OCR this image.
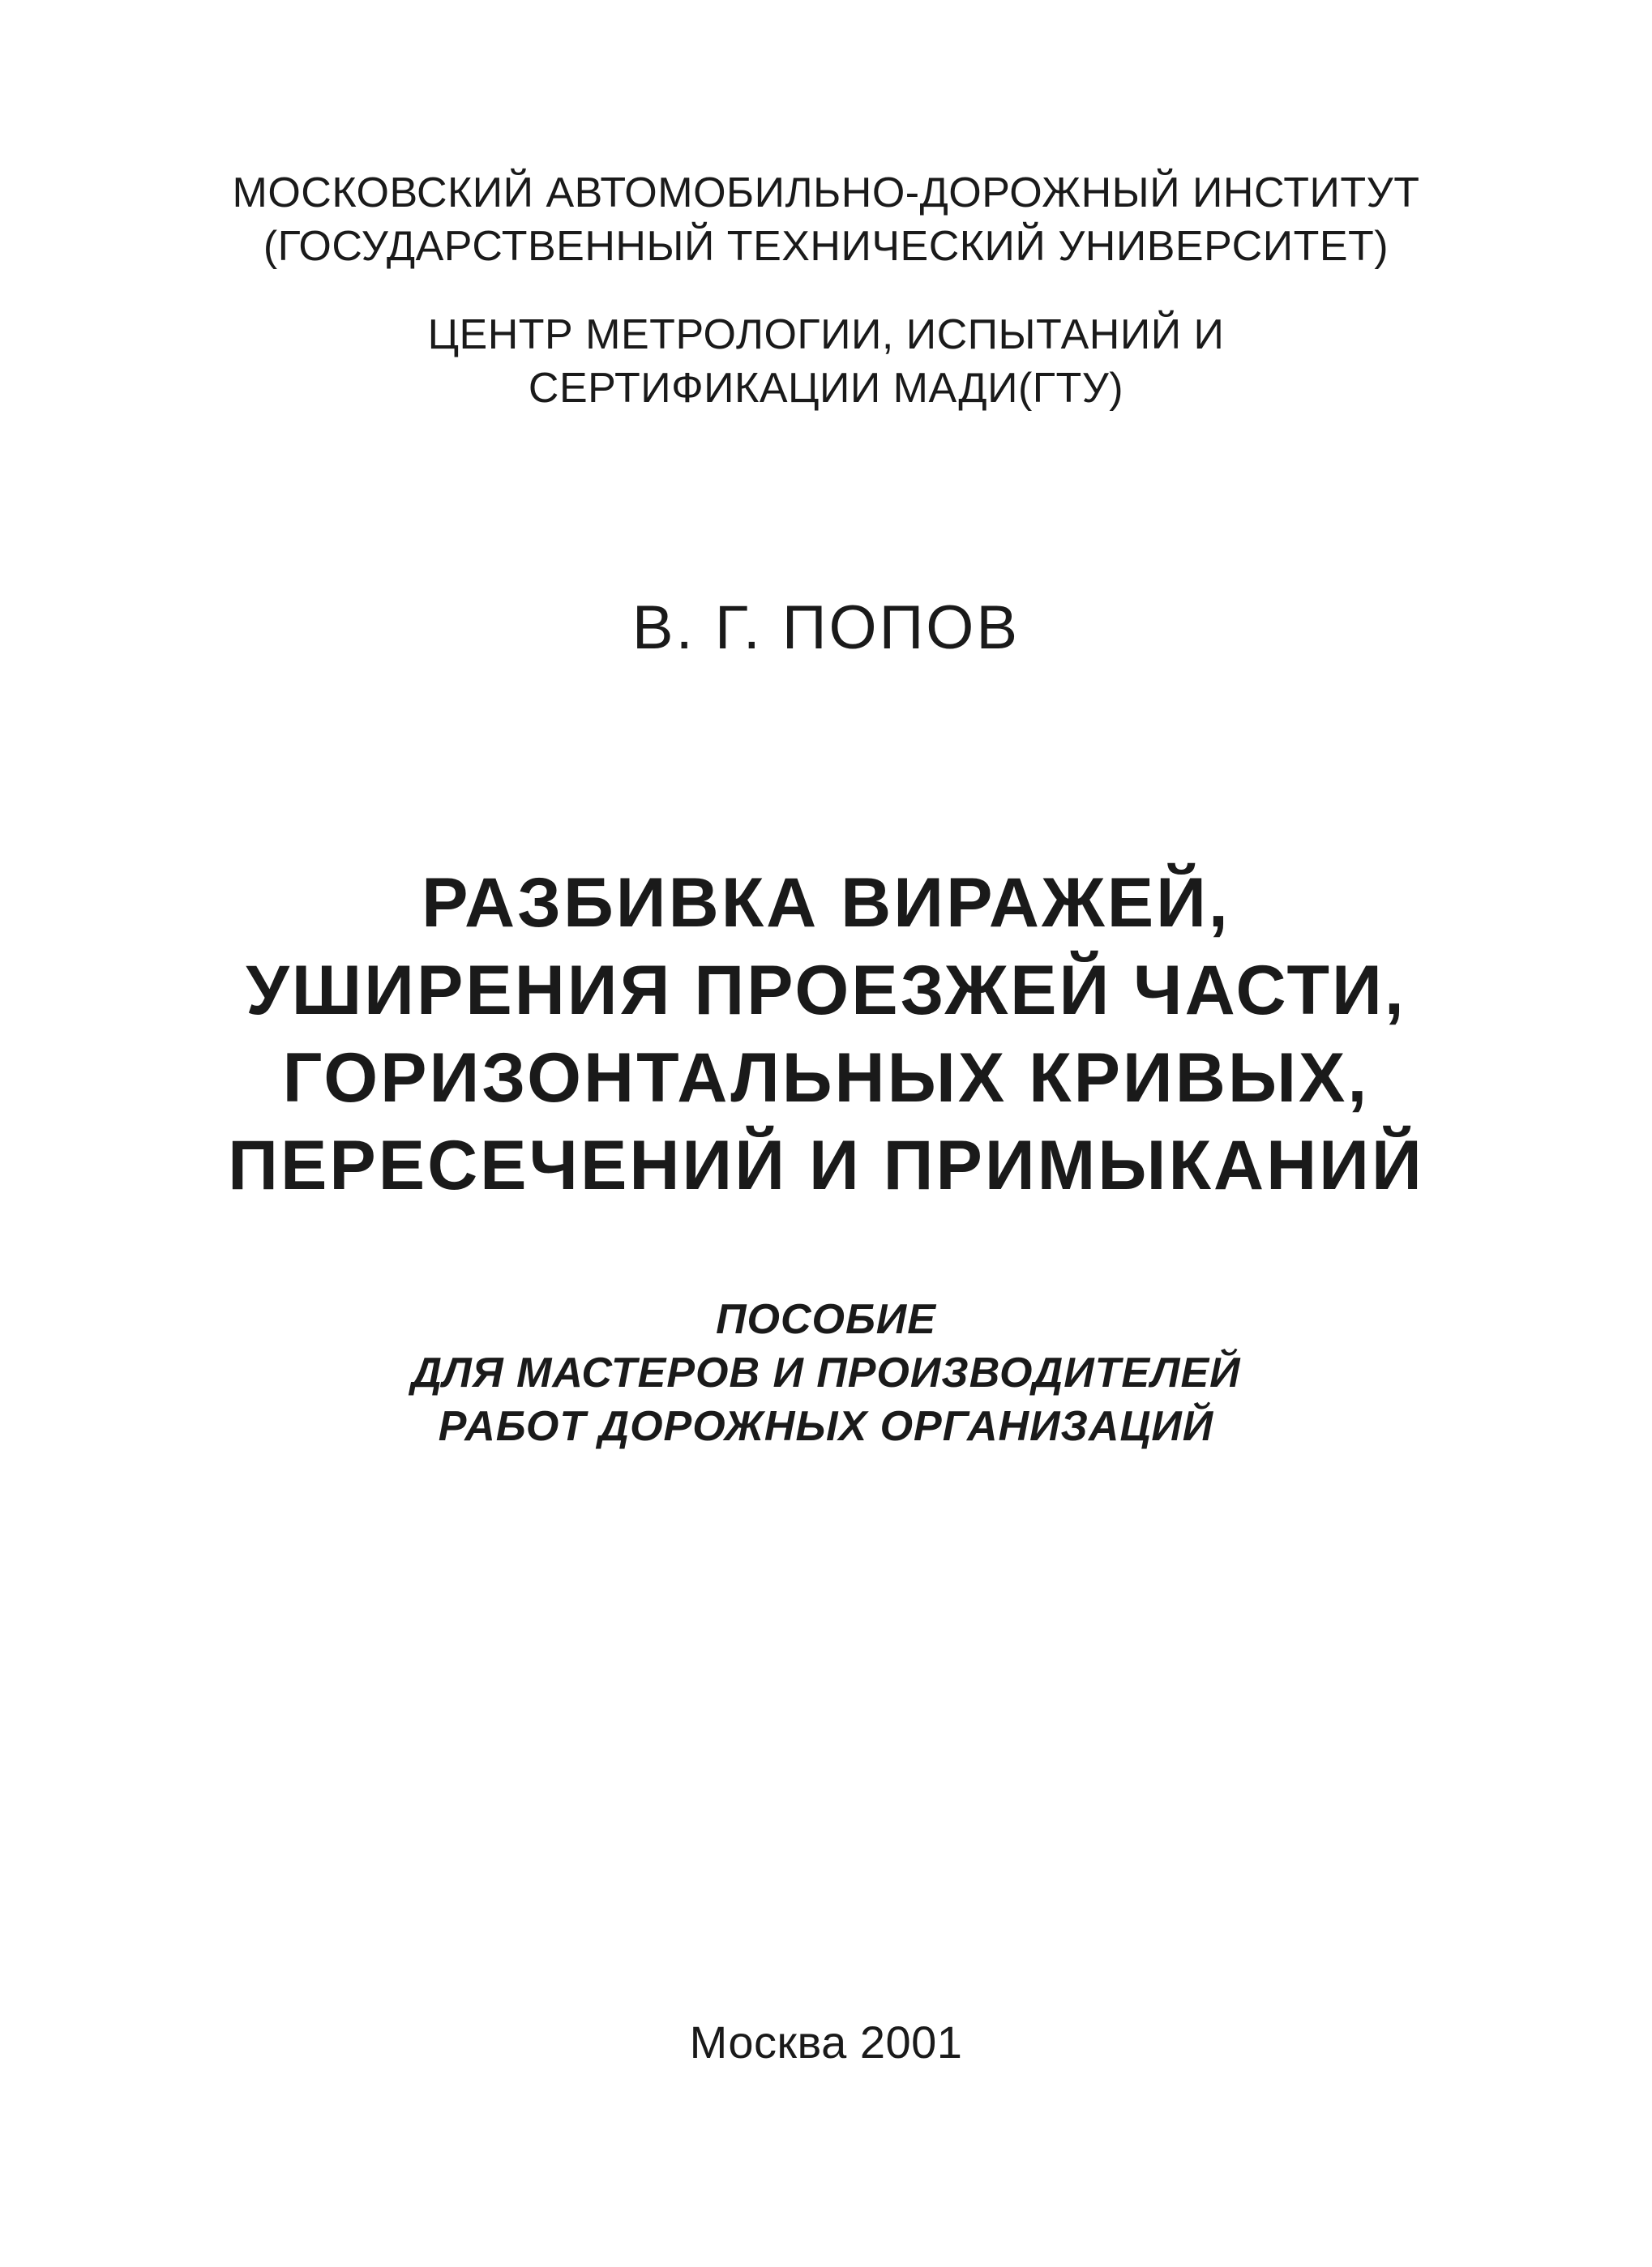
МОСКОВСКИЙ АВТОМОБИЛЬНО-ДОРОЖНЫЙ ИНСТИТУТ
(ГОСУДАРСТВЕННЫЙ ТЕХНИЧЕСКИЙ УНИВЕРСИТЕТ)
ЦЕНТР МЕТРОЛОГИИ, ИСПЫТАНИЙ И
СЕРТИФИКАЦИИ МАДИ(ГТУ)
В. Г. ПОПОВ
РАЗБИВКА ВИРАЖЕЙ,
УШИРЕНИЯ ПРОЕЗЖЕЙ ЧАСТИ,
ГОРИЗОНТАЛЬНЫХ КРИВЫХ,
ПЕРЕСЕЧЕНИЙ И ПРИМЫКАНИЙ
ПОСОБИЕ
ДЛЯ МАСТЕРОВ И ПРОИЗВОДИТЕЛЕЙ
РАБОТ ДОРОЖНЫХ ОРГАНИЗАЦИЙ
Москва 2001
